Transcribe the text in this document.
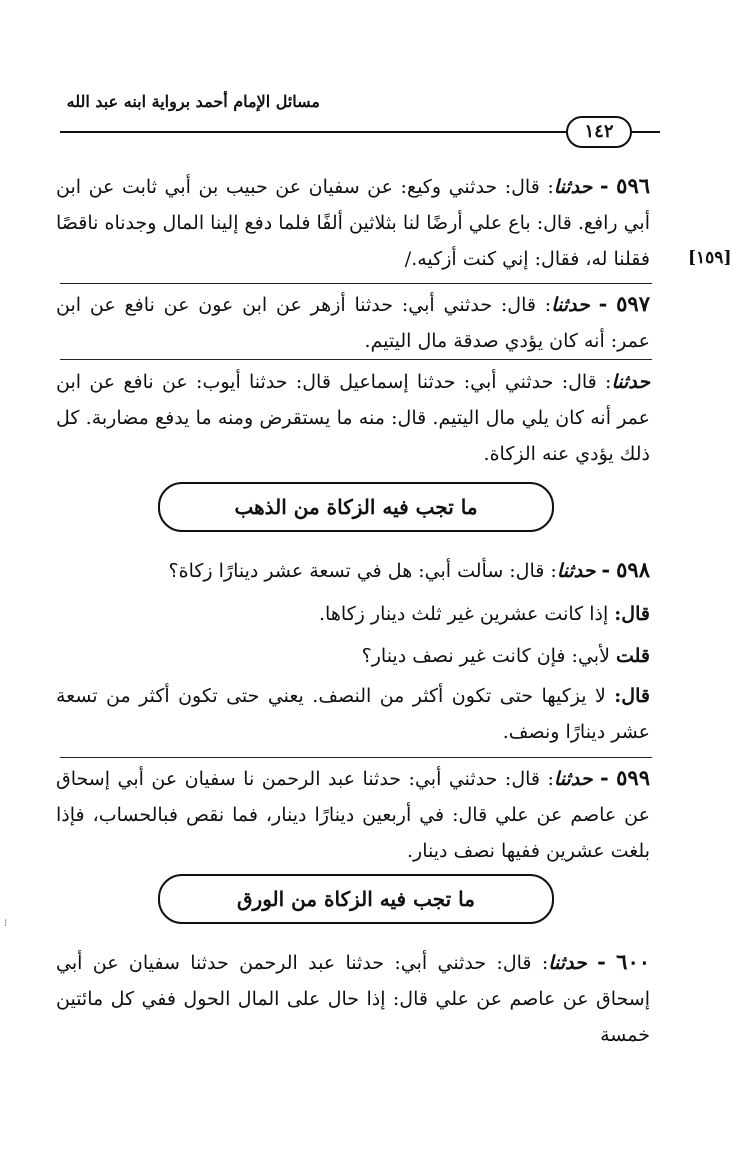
مسائل الإمام أحمد برواية ابنه عبد الله
١٤٢
[١٥٩]
⁝
٥٩٦ - حدثنا: قال: حدثني وكيع: عن سفيان عن حبيب بن أبي ثابت عن ابن أبي رافع. قال: باع علي أرضًا لنا بثلاثين ألفًا فلما دفع إلينا المال وجدناه ناقصًا فقلنا له، فقال: إني كنت أزكيه./
٥٩٧ - حدثنا: قال: حدثني أبي: حدثنا أزهر عن ابن عون عن نافع عن ابن عمر: أنه كان يؤدي صدقة مال اليتيم.
حدثنا: قال: حدثني أبي: حدثنا إسماعيل قال: حدثنا أيوب: عن نافع عن ابن عمر أنه كان يلي مال اليتيم. قال: منه ما يستقرض ومنه ما يدفع مضاربة. كل ذلك يؤدي عنه الزكاة.
ما تجب فيه الزكاة من الذهب
٥٩٨ - حدثنا: قال: سألت أبي: هل في تسعة عشر دينارًا زكاة؟
قال: إذا كانت عشرين غير ثلث دينار زكاها.
قلت لأبي: فإن كانت غير نصف دينار؟
قال: لا يزكيها حتى تكون أكثر من النصف. يعني حتى تكون أكثر من تسعة عشر دينارًا ونصف.
٥٩٩ - حدثنا: قال: حدثني أبي: حدثنا عبد الرحمن نا سفيان عن أبي إسحاق عن عاصم عن علي قال: في أربعين دينارًا دينار، فما نقص فبالحساب، فإذا بلغت عشرين ففيها نصف دينار.
ما تجب فيه الزكاة من الورق
٦٠٠ - حدثنا: قال: حدثني أبي: حدثنا عبد الرحمن حدثنا سفيان عن أبي إسحاق عن عاصم عن علي قال: إذا حال على المال الحول ففي كل مائتين خمسة
